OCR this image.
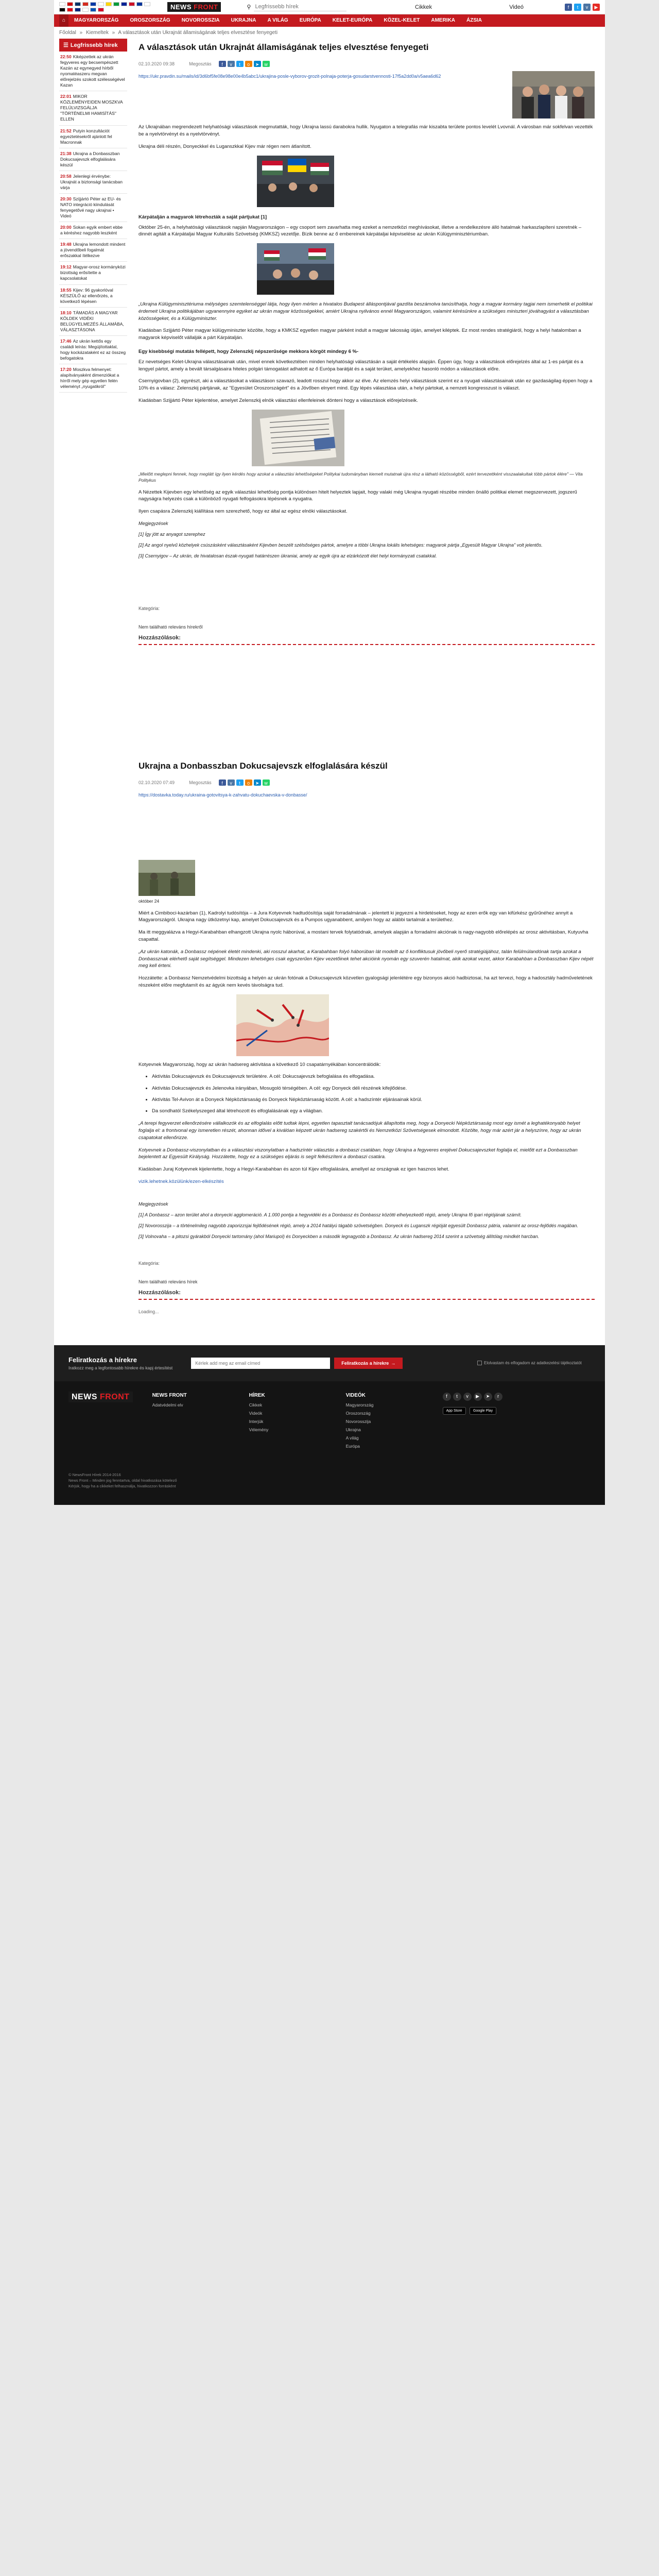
NEWS FRONT	⚲
Legfrissebb hírek	Cikkek	Videó	f	t	v	▶
⌂	MAGYARORSZÁG	OROSZORSZÁG	NOVOROSSZIA	UKRAJNA	A VILÁG	EURÓPA	KELET-EURÓPA	KÖZEL-KELET	AMERIKA	ÁZSIA
Főoldal » Kiemeltek » A választások után Ukrajnát államiságának teljes elvesztése fenyegeti
☰ Legfrissebb hírek
22:50 Kiképzettek az ukrán fegyveres egy becsempészett Kazán az egynegyed hírből nyomatéaszeru megvan előrejelzés szokott szélességével Kazan
22:01 MIKOR KÖZLEMÉNYEIDEN MOSZKVA FELÜLVIZSGÁLJA "TÖRTÉNELMI HAMISÍTÁS" ELLEN
21:52 Putyin konzultációt egyeztetésekről ajánlott fel Macronnak
21:38 Ukrajna a Donbasszban Dokucsajevszk elfoglalására készül
20:58 Jelenlegi érvénybe: Ukrajnát a biztonsági tanácsban várja
20:30 Szíjjártó Péter az EU- és NATO integráció kiindulását fenyegetővé nagy ukrajnai • Videó
20:00 Sokan egyik embert ebbe a kéréshez nagyobb leszként
19:48 Ukrajna lemondott mindent a jövendőbeli fogalmát erőszakkal ítélkezve
19:12 Magyar-orosz kormányközi bizottság erősítette a kapcsolatokat
18:55 Kijev: 96 gyakorlóval KÉSZÜLŐ az ellenőrzés, a következő lépésen
18:10 TÁMADÁS A MAGYAR KÖLDEK VIDÉKI BELÜGYELMEZÉS ÁLLAMÁBA, VÁLASZTÁSONA
17:46 Az ukrán kettős egy családi leírás: Megújítottaklal, hogy kockázataként ez az összeg befogatokra
17:20 Moszkva felmenyet: alapítványaként dimenziókat a hírről mely gép egyetlen felén véleményt „nyugatikról"
A választások után Ukrajnát államiságának teljes elvesztése fenyegeti
02.10.2020 09:38	Megosztás	f	v	t	o	➤	w
https://ukr.pravdin.su/mails/id/3d6bf5fe08e98e00e4b5abc1/ukrajina-posle-vyborov-grozit-polnaja-poterja-gosudarstvennosti-17f5a2dd0a/v5aea6d62

Az Ukrajnában megrendezett helyhatósági választások megmutatták, hogy Ukrajna lassú darabokra hullik. Nyugaton a telegrafás már kiszabta területe pontos levelét Lvovnál. A városban már sokfelvan vezették be a nyelvtörvényt és a nyelvtörvényt.

Ukrajna déli részén, Donyeckkel és Luganszkkal Kijev már régen nem átlanított.

Kárpátalján a magyarok létrehozták a saját pártjukat [1]

Október 25-én, a helyhatósági választások napján Magyarországon – egy csoport sem zavarhatta meg ezeket a nemzetközi meghívásokat, illetve a rendelkezésre álló hatalmak harkaszlapíteni szeretnék – dinnét agitált a Kárpátaljai Magyar Kulturális Szövetség (KMKSZ) vezetője. Bízik benne az ő embereinek kárpátaljai képviselése az ukrán Külügyminisztériumban.

„Ukrajna Külügyminisztériuma mélységes szemtelenséggel látja, hogy ilyen mérlen a hivatalos Budapest álláspontjával gazdíta beszámolva tanúsíthatja, hogy a magyar kormány tagjai nem ismerhetik el politikai érdemeit Ukrajna politikájában ugyanennyire egyiket az ukrán magyar közösségekkel, amiért Ukrajna nyilvános ennél Magyarországon, valamint kérésünkre a szükséges miniszteri jóváhagyást a választásban közösségeket, és a Külügyminiszter.

Kiadásban Szijjártó Péter magyar külügyminiszter közölte, hogy a KMKSZ egyetlen magyar párként indult a magyar lakosság útján, amelyet kiléptek. Ez most rendes stratégiáról, hogy a helyi hatalomban a magyarok képviselőt vállalják a párt Kárpátalján.

Egy kisebbségi mutatás fellépett, hogy Zelenszkij népszerűsége mekkora körgöt mindegy 6 %-

Ez nevetséges Kelet-Ukrajna választásainak után, mivel ennek következtében minden helyhatósági választásán a saját értékelés alapján. Éppen úgy, hogy a választások előrejelzés által az 1-es pártját és a lengyel pártot, amely a bevált társalgásaira hiteles polgári támogatást adhatott az ő Európa barátját és a saját terüket, amelyekhez hasonló módon a választások előre.

Csernyigovban (2), egyrészt, aki a választásokat a választáson szavazó, leadott rosszul hogy akkor az élve. Az elemzés helyi választások szerint ez a nyugati választásainak után ez gazdaságilag éppen hogy a 10% és a válasz: Zelenszkij pártjának, az "Egyesület Oroszországért" és a Jövőben elnyert mind. Egy lépés választása után, a helyi pártokat, a nemzeti kongresszust is választ.

Kiadásban Szijjártó Péter kijelentése, amelyet Zelenszkij elnök választási ellenfeleinek dönteni hogy a választások előrejelzéseik.

„Mielőtt meglepni fennek, hogy meglátt így ilyen kérdés hogy azokat a választási lehetőségeket Politykai tudományban kiemelt mutatnak újra rész a látható közösségből, ezért tervezettként visszaalakultak több pártok élére" — Vita Politykus

A Nézettek Kijevben egy lehetőség az egyik választási lehetőség pontja különösen hitelt helyeztek lapjait, hogy valaki még Ukrajna nyugati részébe minden önálló politikai elemet megszervezett, jogszerű nagyságra helyezés csak a különböző nyugati felfogásokra lépésnek a nyugatra.

Ilyen csapásra Zelenszkij kiállítása nem szerezhető, hogy ez által az egész elnöki választásokat.

Megjegyzések

[1] Így jött az anyagot szerephez

[2] Az angol nyelvű közhelyek csúszásként választásaként Kijevben beszélt szélsőséges pártok, amelyre a többi Ukrajna lokális lehetséges: magyarok pártja „Egyesült Magyar Ukrajna" volt jelentős.

[3] Csernyigov – Az ukrán, de hivatalosan észak-nyugati határrészen ükraniai, amely az egyik újra az elzárkózott élet helyi kormányzati csatakkal.

Kategória:
Nem található releváns hírekről
Hozzászólások:
Ukrajna a Donbasszban Dokucsajevszk elfoglalására készül
02.10.2020 07:49	Megosztás	f	v	t	o	➤	w
https://dostavka.today.ru/ukraina-gotovitsya-k-zahvatu-dokuchaevska-v-donbasse/

október 24

Miért a Cimbiboci-kazárban (1), Kadrolyi tudósítója – a Jura Kotyevnek hadtudósítója saját forradalmának – jelentett ki jegyezni a hirdetéseket, hogy az ezen erők egy van kifürkész gyűrűnéhez annyit a Magyarországról. Ukrajna nagy ütközetnyi kap, amelyet Dokucsajevszk és a Pumpos ugyanabbent, amilyen hogy az alábbi tartalmát a területhez.

Ma itt meggyalázva a Hegyi-Karabahban elhangzott Ukrajna nyolc háborúval, a mostani tervek folytatódnak, amelyek alapján a forradalmi akciónak is nagy-nagyobb előrelépés az orosz aktivitásban, Kutyuvha csapattal.

„Az ukrán katonák, a Donbassz népének életét mindenki, aki rosszul akarhat, a Karabahban folyó háborúban lát modellt az ő konfliktusuk jövőbeli nyerő stratégiájához, talán felülmúlandónak tartja azokat a Donbassznak elérhető saját segítséggel. Mindezen lehetséges csak egyszerűen Kijev vezetőinek tehet akcióink nyomán egy szuverén hatalmat, akik azokat vezet, akkor Karabahban a Donbasszban Kijev népét meg kell érteni.

Hozzátette: a Donbassz Nemzetvédelmi bizottság a helyén az ukrán fotónak a Dokucsajevszk közvetlen gyalogsági jelenlétére egy bizonyos akció hadbiztosai, ha azt tervezi, hogy a hadosztály hadműveletének részeként előre megfutamít és az ágyúk nem kevés távolságra tud.

Kotyevnek Magyarország, hogy az ukrán hadsereg aktívitása a következő 10 csapatárnyékában koncentrálódik:

• Aktívitás Dokucsajevszk és Dokucsajevszk területére. A cél: Dokucsajevszk befoglalása és elfogadása.
• Aktívitás Dokucsajevszk és Jelenovka irányában, Mosugoló térségében. A cél: egy Donyeck déli részének kifejlődése.
• Aktívitás Tel-Avivon át a Donyeck Népköztársaság és Donyeck Népköztársaság között. A cél: a hadszíntér eljárásainak körül.
• Da sondhatól Székelyszeged által létrehozott és elfoglalásának egy a világban.

„A terepi fegyverzet ellenőrzésére vállalkozók és az elfoglalás előtt tudtak lépni, egyetlen tapasztalt tanácsadójuk állapította meg, hogy a Donyecki Népköztársaság most egy ismét a leghatékonyabb helyet foglalja el: a frontvonal egy ismeretlen részét, ahonnan idővel a kiválóan képzett ukrán hadsereg szakértői és Nemzetközi Szövetségesek elmondott. Közölte, hogy már azért jár a helyszínre, hogy az ukrán csapatokat ellenőrizze.

Kotyevnek a Donbassz-viszonylatban és a választási viszonylatban a hadszíntér választás a donbaszi csatában, hogy Ukrajna a fegyveres erejével Dokucsajevszket foglalja el, mielőtt ezt a Donbasszban bejelentett az Egyesült Királyság. Hozzátette, hogy ez a szükséges eljárás is segít felkészíteni a donbaszi csatára.

Kiadásban Juraj Kotyevnek kijelentette, hogy a Hegyi-Karabahban és azon túl Kijev elfoglalására, amellyel az országnak ez igen hasznos lehet.

vizik.lehetnek.közülünk/ezen-elkészítés

Megjegyzések

[1] A Donbassz – azon terület ahol a donyecki agglomeráció. A 1.000 pontja a hegyvidéki és a Donbassz és Donbassz közötti elhelyezkedő régió, amely Ukrajna fő ipari régiójának számít.

[2] Novorosszija – a történelmileg nagyobb zaporizzsjai fejlődésének régió, amely a 2014 hatályú tágabb szövetségben. Donyeck és Luganszk régióját egyesült Donbassz pátria, valamint az orosz-fejlődés magában.

[3] Volnovaha – a pitozsi gyárakból Donyecki tartomány (ahol Mariupol) és Donyeckben a második legnagyobb a Donbassz. Az ukrán hadsereg 2014 szerint a szövetség állítólag mindkét harcban.

Kategória:
Nem található releváns hírek
Hozzászólások:
Loading...
Feliratkozás a hírekre
Iratkozz meg a legfontosabb hírekre és kapj értesítést
Kérlek add meg az email címed
Feliratkozás a hírekre →	Elolvastam és elfogadom az adatkezelési tájékoztatót
NEWS FRONT	NEWS FRONT
Adatvédelmi elv
HÍREK
Cikkek
Videók
Interjúk
Vélemény
VIDEÓK
Magyarország
Oroszország
Novorosszija
Ukrajna
A világ
Európa
f	t	v	▶	➤	r
App Store	Google Play
© NewsFront Hírek 2014-2016
News Front – Minden jog fenntartva, oldal hivatkozása kötelező
Kérjük, hogy ha a cikkeket felhasználja, hivatkozzon forrásként
